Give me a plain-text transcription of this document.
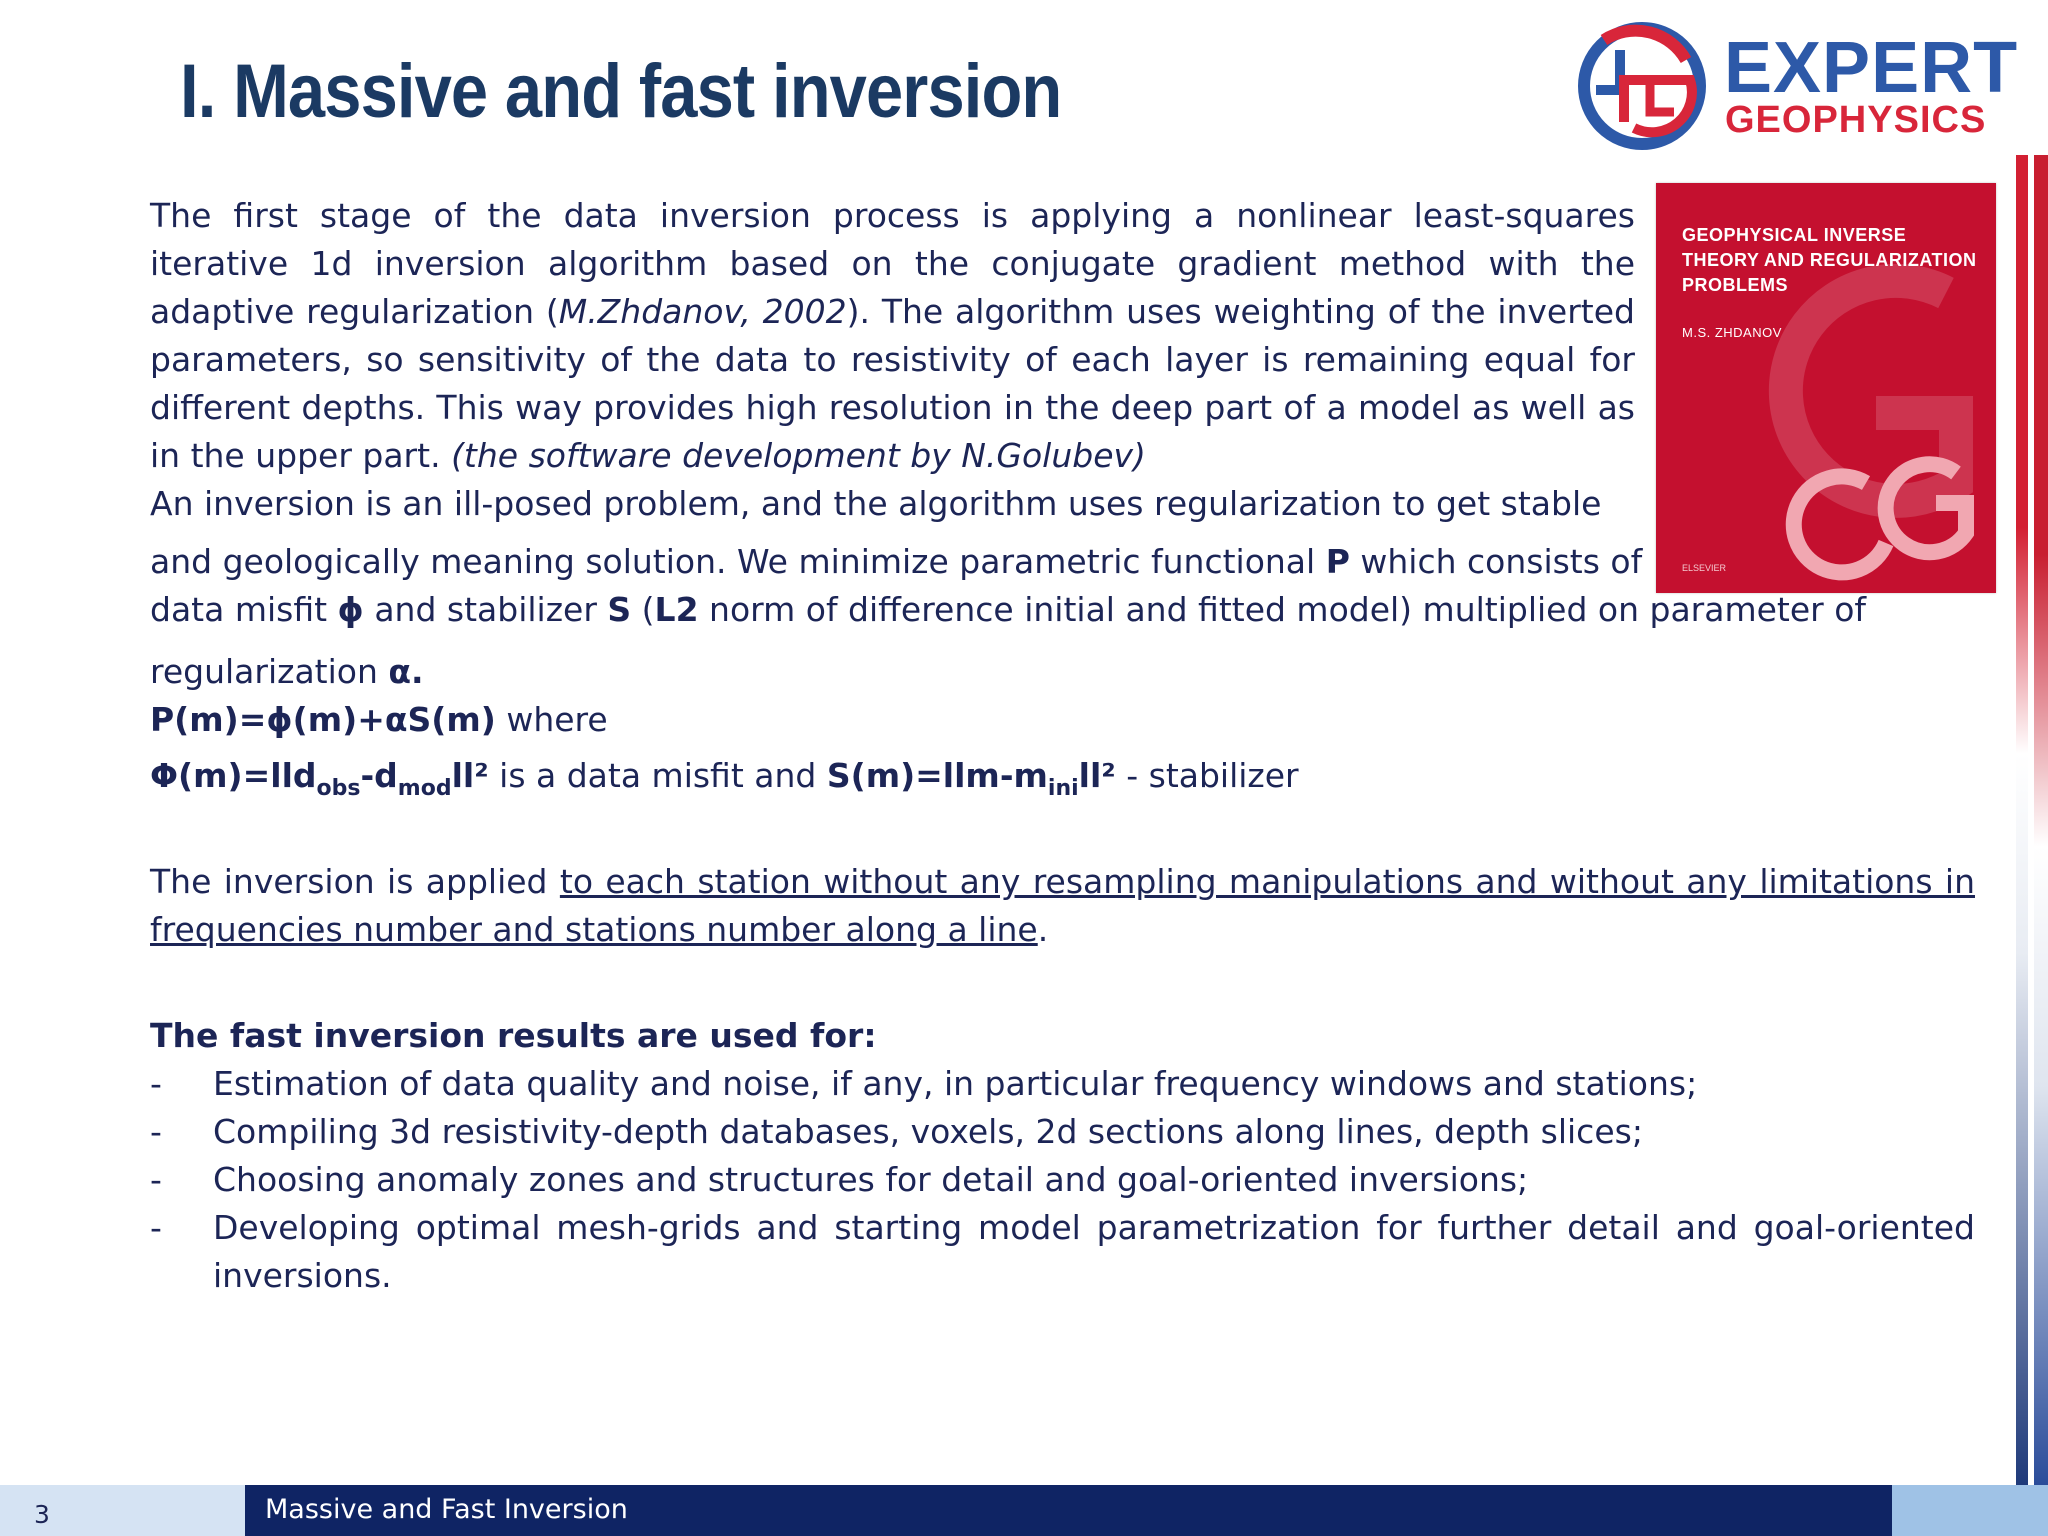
I. Massive and fast inversion	EXPERT
GEOPHYSICS
GEOPHYSICAL INVERSE THEORY AND REGULARIZATION PROBLEMS
M.S. ZHDANOV
ELSEVIER

The first stage of the data inversion process is applying a nonlinear least-squares iterative 1d inversion algorithm based on the conjugate gradient method with the adaptive regularization (M.Zhdanov, 2002). The algorithm uses weighting of the inverted parameters, so sensitivity of the data to resistivity of each layer is remaining equal for different depths. This way provides high resolution in the deep part of a model as well as in the upper part. (the software development by N.Golubev)

An inversion is an ill-posed problem, and the algorithm uses regularization to get stable
and geologically meaning solution. We minimize parametric functional P which consists of
data misfit ϕ and stabilizer S (L2 norm of difference initial and fitted model) multiplied on parameter of
regularization α.

P(m)=ϕ(m)+αS(m) where

$\Phi(m)=lld_{obs}-d_{mod}ll^2$ is a data misfit and $S(m)=llm-m_{ini}ll^2$ - stabilizer

The inversion is applied to each station without any resampling manipulations and without any limitations in frequencies number and stations number along a line.

The fast inversion results are used for:

- Estimation of data quality and noise, if any, in particular frequency windows and stations;
- Compiling 3d resistivity-depth databases, voxels, 2d sections along lines, depth slices;
- Choosing anomaly zones and structures for detail and goal-oriented inversions;
- Developing optimal mesh-grids and starting model parametrization for further detail and goal-oriented inversions.
3	Massive and Fast Inversion
